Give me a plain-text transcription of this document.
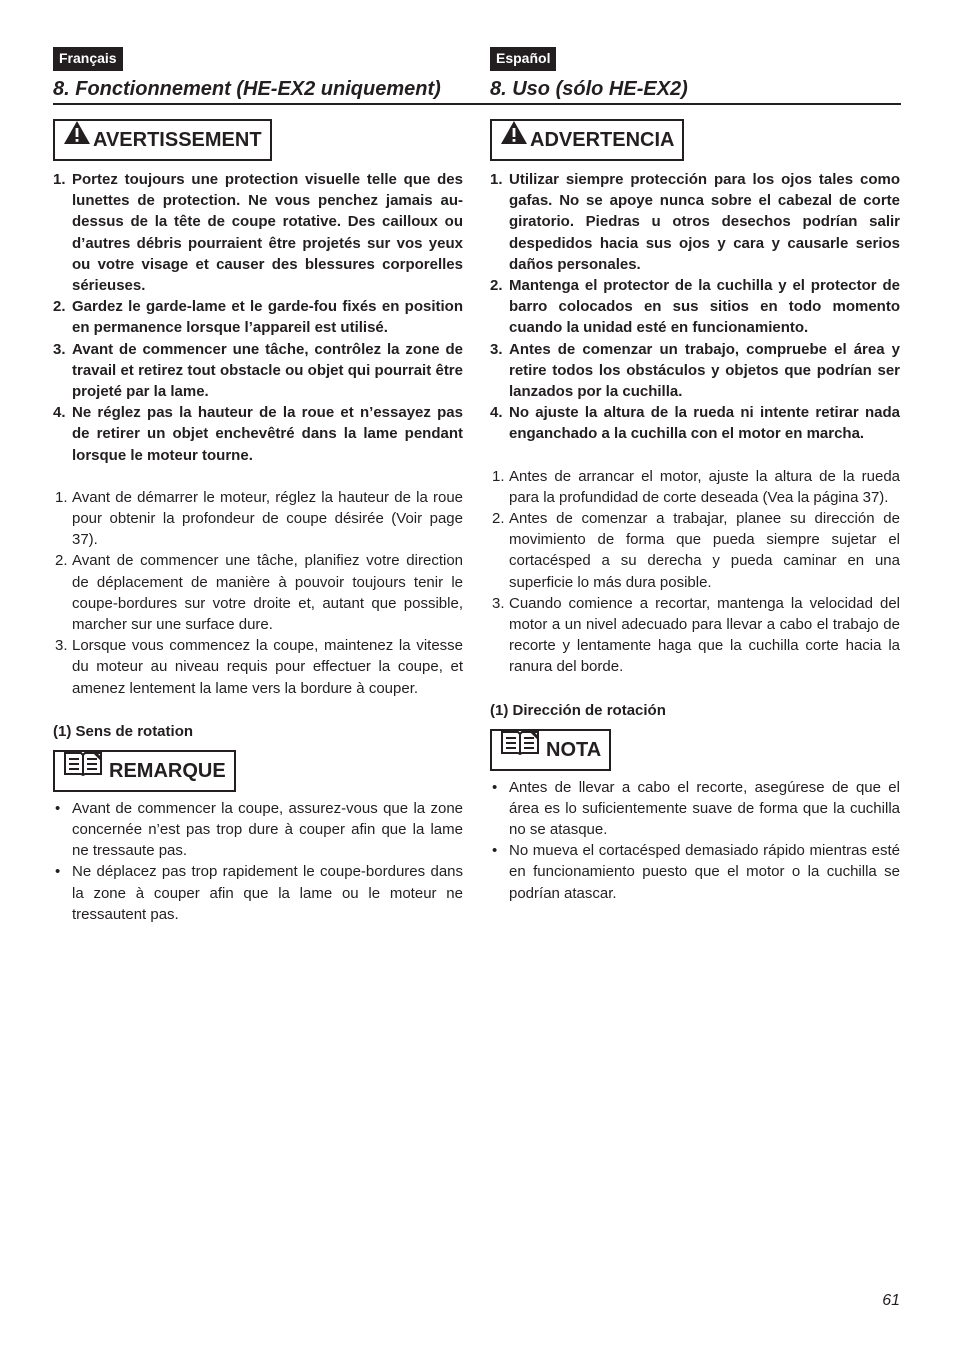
Français
8. Fonctionnement (HE-EX2 uniquement)
AVERTISSEMENT
1. Portez toujours une protection visuelle telle que des lunettes de protection. Ne vous penchez jamais au-dessus de la tête de coupe rotative. Des cailloux ou d’autres débris pourraient être projetés sur vos yeux ou votre visage et causer des blessures corporelles sérieuses.
2. Gardez le garde-lame et le garde-fou fixés en position en permanence lorsque l’appareil est utilisé.
3. Avant de commencer une tâche, contrôlez la zone de travail et retirez tout obstacle ou objet qui pourrait être projeté par la lame.
4. Ne réglez pas la hauteur de la roue et n’essayez pas de retirer un objet enchevêtré dans la lame pendant lorsque le moteur tourne.
1. Avant de démarrer le moteur, réglez la hauteur de la roue pour obtenir la profondeur de coupe désirée (Voir page 37).
2. Avant de commencer une tâche, planifiez votre direction de déplacement de manière à pouvoir toujours tenir le coupe-bordures sur votre droite et, autant que possible, marcher sur une surface dure.
3. Lorsque vous commencez la coupe, maintenez la vitesse du moteur au niveau requis pour effectuer la coupe, et amenez lentement la lame vers la bordure à couper.
(1) Sens de rotation
REMARQUE
• Avant de commencer la coupe, assurez-vous que la zone concernée n’est pas trop dure à couper afin que la lame ne tressaute pas.
• Ne déplacez pas trop rapidement le coupe-bordures dans la zone à couper afin que la lame ou le moteur ne tressautent pas.
Español
8. Uso (sólo HE-EX2)
ADVERTENCIA
1. Utilizar siempre protección para los ojos tales como gafas. No se apoye nunca sobre el cabezal de corte giratorio. Piedras u otros desechos podrían salir despedidos hacia sus ojos y cara y causarle serios daños personales.
2. Mantenga el protector de la cuchilla y el protector de barro colocados en sus sitios en todo momento cuando la unidad esté en funcionamiento.
3. Antes de comenzar un trabajo, compruebe el área y retire todos los obstáculos y objetos que podrían ser lanzados por la cuchilla.
4. No ajuste la altura de la rueda ni intente retirar nada enganchado a la cuchilla con el motor en marcha.
1. Antes de arrancar el motor, ajuste la altura de la rueda para la profundidad de corte deseada (Vea la página 37).
2. Antes de comenzar a trabajar, planee su dirección de movimiento de forma que pueda siempre sujetar el cortacésped a su derecha y pueda caminar en una superficie lo más dura posible.
3. Cuando comience a recortar, mantenga la velocidad del motor a un nivel adecuado para llevar a cabo el trabajo de recorte y lentamente haga que la cuchilla corte hacia la ranura del borde.
(1) Dirección de rotación
NOTA
• Antes de llevar a cabo el recorte, asegúrese de que el área es lo suficientemente suave de forma que la cuchilla no se atasque.
• No mueva el cortacésped demasiado rápido mientras esté en funcionamiento puesto que el motor o la cuchilla se podrían atascar.
61
